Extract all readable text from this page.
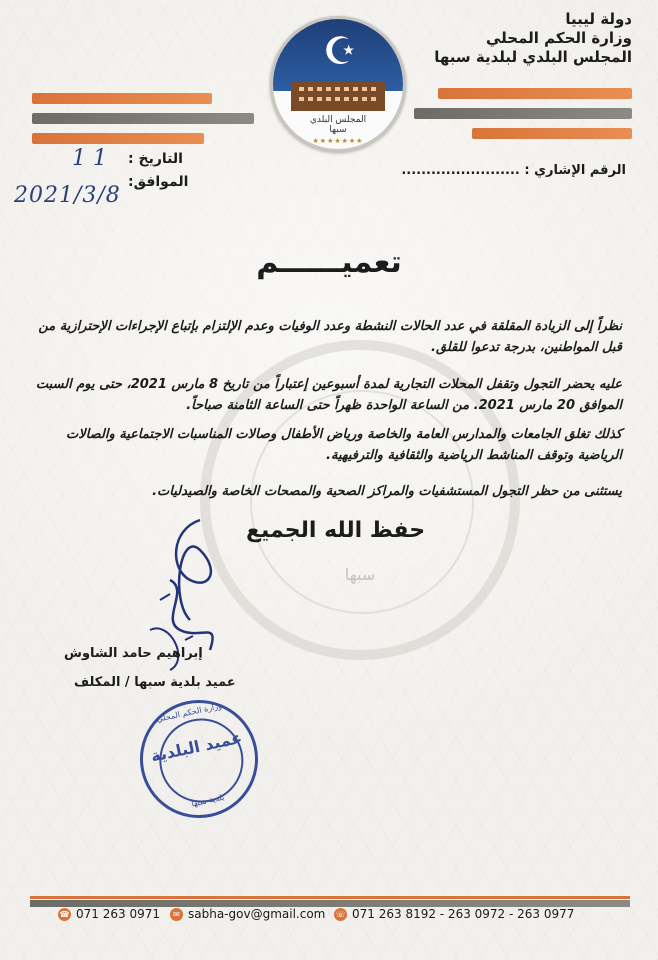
دولة ليبيا
وزارة الحكم المحلي
المجلس البلدي لبلدية سبها
☪
المجلس البلدي
سبها
★★★★★★★
التاريخ :
1 1
الموافق:
2021/3/8
الرقم الإشاري : ........................
سبها
تعميــــــم
نظراً إلى الزيادة المقلقة في عدد الحالات النشطة وعدد الوفيات وعدم الإلتزام بإتباع الإجراءات الإحترازية من قبل المواطنين، بدرجة تدعوا للقلق.
عليه يحضر التجول وتقفل المحلات التجارية لمدة أسبوعين إعتباراً من تاريخ 8 مارس 2021، حتى يوم السبت الموافق 20 مارس 2021. من الساعة الواحدة ظهراً حتى الساعة الثامنة صباحاً.
كذلك تغلق الجامعات والمدارس العامة والخاصة ورياض الأطفال وصالات المناسبات الاجتماعية والصالات الرياضية وتوقف المناشط الرياضية والثقافية والترفيهية.
يستثنى من حظر التجول المستشفيات والمراكز الصحية والمصحات الخاصة والصيدليات.
حفظ الله الجميع
إبراهيم حامد الشاوش
عميد بلدية سبها / المكلف
وزارة الحكم المحلي
عميد البلدية
بلدية سبها
☎ 071 263 0971	✉ sabha-gov@gmail.com ☏ 071 263 8192 - 263 0972 - 263 0977
